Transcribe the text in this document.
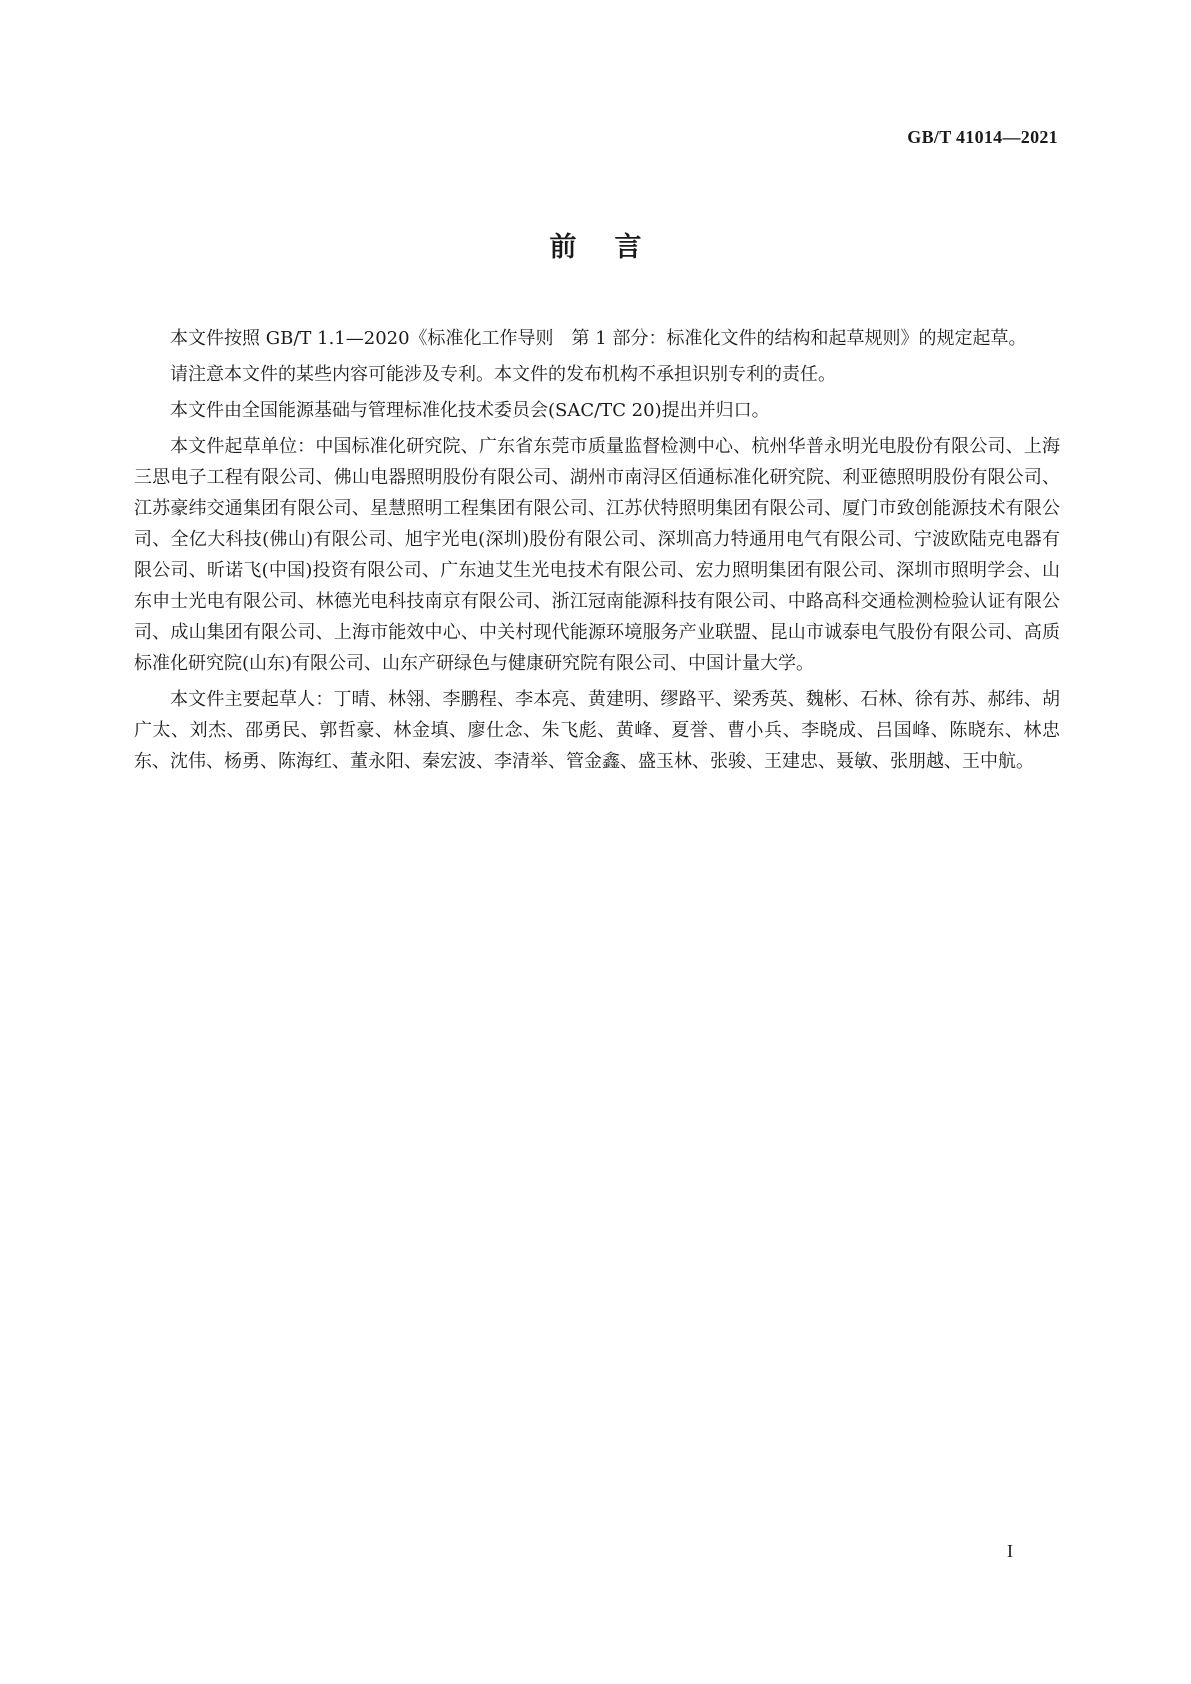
GB/T 41014—2021
前言

本文件按照 GB/T 1.1—2020《标准化工作导则　第 1 部分：标准化文件的结构和起草规则》的规定起草。

请注意本文件的某些内容可能涉及专利。本文件的发布机构不承担识别专利的责任。

本文件由全国能源基础与管理标准化技术委员会(SAC/TC 20)提出并归口。

本文件起草单位：中国标准化研究院、广东省东莞市质量监督检测中心、杭州华普永明光电股份有限公司、上海三思电子工程有限公司、佛山电器照明股份有限公司、湖州市南浔区佰通标准化研究院、利亚德照明股份有限公司、江苏豪纬交通集团有限公司、星慧照明工程集团有限公司、江苏伏特照明集团有限公司、厦门市致创能源技术有限公司、全亿大科技(佛山)有限公司、旭宇光电(深圳)股份有限公司、深圳高力特通用电气有限公司、宁波欧陆克电器有限公司、昕诺飞(中国)投资有限公司、广东迪艾生光电技术有限公司、宏力照明集团有限公司、深圳市照明学会、山东申士光电有限公司、林德光电科技南京有限公司、浙江冠南能源科技有限公司、中路高科交通检测检验认证有限公司、成山集团有限公司、上海市能效中心、中关村现代能源环境服务产业联盟、昆山市诚泰电气股份有限公司、高质标准化研究院(山东)有限公司、山东产研绿色与健康研究院有限公司、中国计量大学。

本文件主要起草人：丁晴、林翎、李鹏程、李本亮、黄建明、缪路平、梁秀英、魏彬、石林、徐有苏、郝纬、胡广太、刘杰、邵勇民、郭哲豪、林金填、廖仕念、朱飞彪、黄峰、夏誉、曹小兵、李晓成、吕国峰、陈晓东、林忠东、沈伟、杨勇、陈海红、董永阳、秦宏波、李清举、管金鑫、盛玉林、张骏、王建忠、聂敏、张朋越、王中航。

I
